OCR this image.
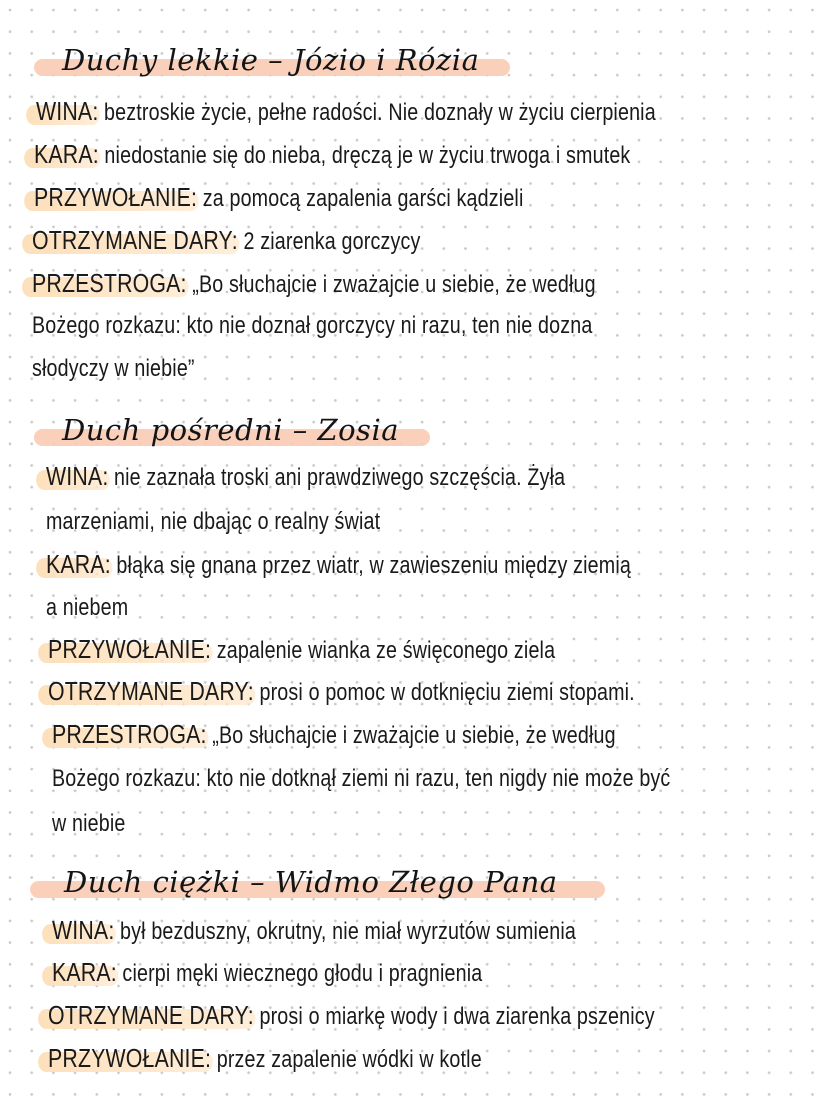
Duchy lekkie – Józio i Rózia
WINA: beztroskie życie, pełne radości. Nie doznały w życiu cierpienia
KARA: niedostanie się do nieba, dręczą je w życiu trwoga i smutek
PRZYWOŁANIE: za pomocą zapalenia garści kądzieli
OTRZYMANE DARY: 2 ziarenka gorczycy
PRZESTROGA: „Bo słuchajcie i zważajcie u siebie, że według
Bożego rozkazu: kto nie doznał gorczycy ni razu, ten nie dozna
słodyczy w niebie”
Duch pośredni – Zosia
WINA: nie zaznała troski ani prawdziwego szczęścia. Żyła
marzeniami, nie dbając o realny świat
KARA: błąka się gnana przez wiatr, w zawieszeniu między ziemią
a niebem
PRZYWOŁANIE: zapalenie wianka ze święconego ziela
OTRZYMANE DARY: prosi o pomoc w dotknięciu ziemi stopami.
PRZESTROGA: „Bo słuchajcie i zważajcie u siebie, że według
Bożego rozkazu: kto nie dotknął ziemi ni razu, ten nigdy nie może być
w niebie
Duch ciężki – Widmo Złego Pana
WINA: był bezduszny, okrutny, nie miał wyrzutów sumienia
KARA: cierpi męki wiecznego głodu i pragnienia
OTRZYMANE DARY: prosi o miarkę wody i dwa ziarenka pszenicy
PRZYWOŁANIE: przez zapalenie wódki w kotle
